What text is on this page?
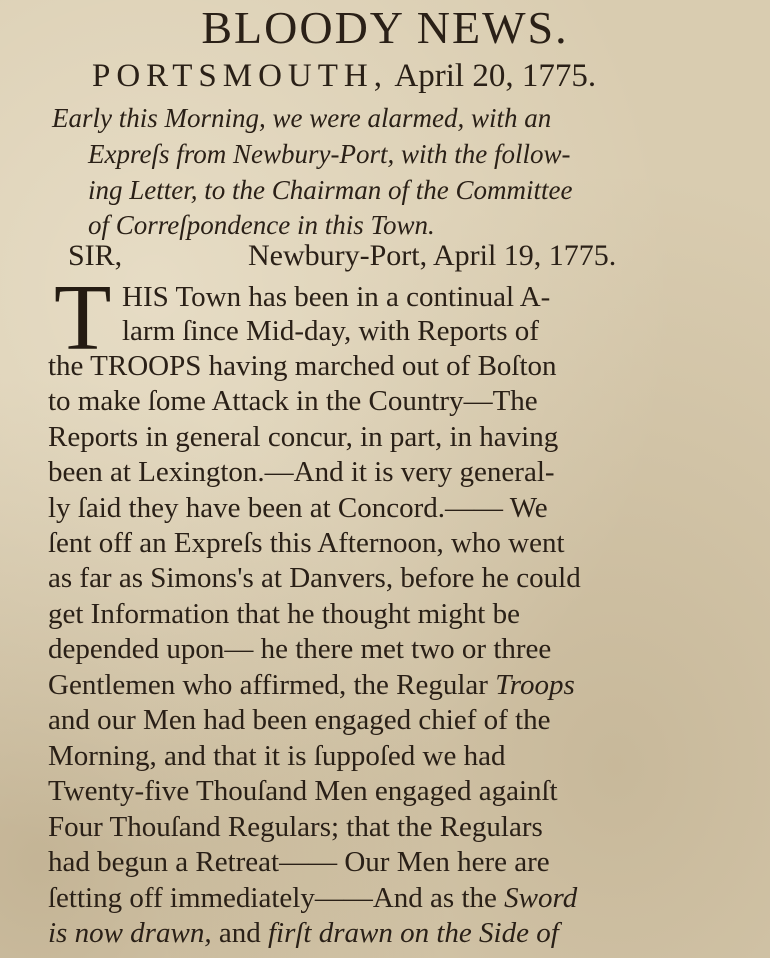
BLOODY NEWS.
PORTSMOUTH, April 20, 1775.
Early this Morning, we were alarmed, with an
Expreſs from Newbury-Port, with the follow-
ing Letter, to the Chairman of the Committee
of Correſpondence in this Town.
SIR,	Newbury-Port, April 19, 1775.
T HIS Town has been in a continual A-
larm ſince Mid-day, with Reports of
the TROOPS having marched out of Boſton
to make ſome Attack in the Country—The
Reports in general concur, in part, in having
been at Lexington.—And it is very general-
ly ſaid they have been at Concord.—— We
ſent off an Expreſs this Afternoon, who went
as far as Simons's at Danvers, before he could
get Information that he thought might be
depended upon— he there met two or three
Gentlemen who affirmed, the Regular Troops
and our Men had been engaged chief of the
Morning, and that it is ſuppoſed we had
Twenty-five Thouſand Men engaged againſt
Four Thouſand Regulars; that the Regulars
had begun a Retreat—— Our Men here are
ſetting off immediately——And as the Sword
is now drawn, and firſt drawn on the Side of
